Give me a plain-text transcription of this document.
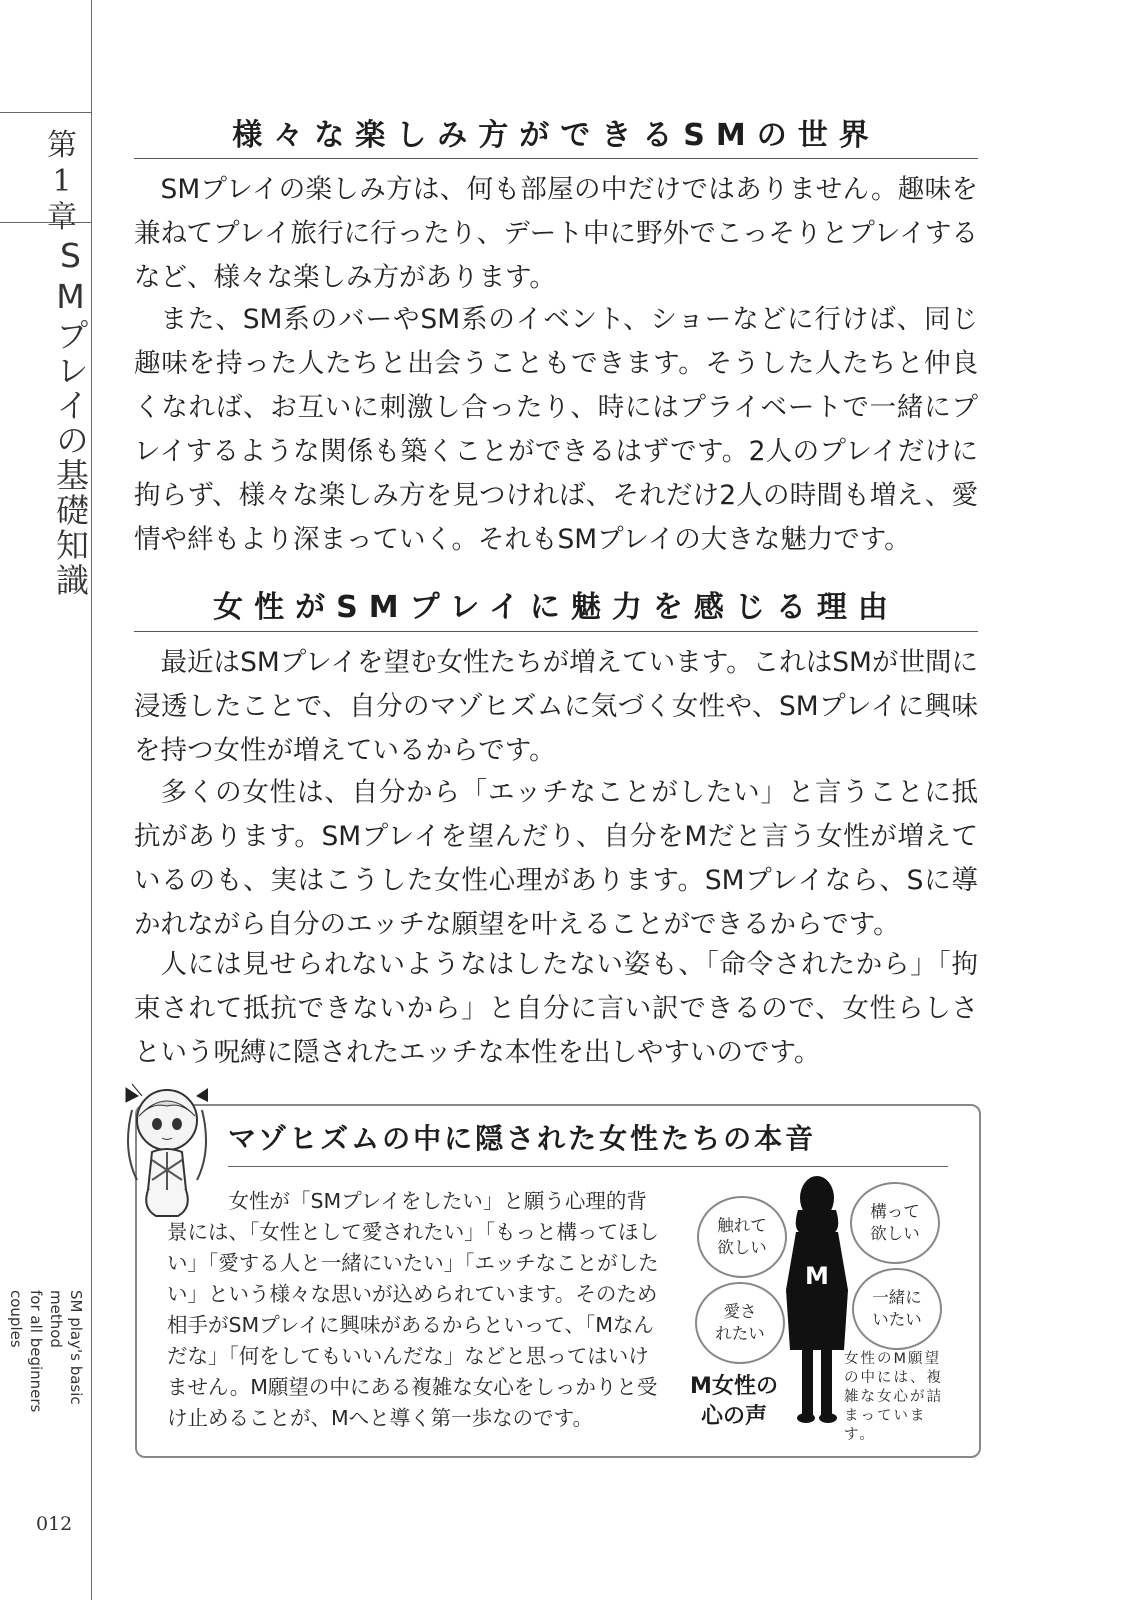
第
1
章
SMプレイの基礎知識
SM play's basic method
for all beginners couples
012
様々な楽しみ方ができるSMの世界

SMプレイの楽しみ方は、何も部屋の中だけではありません。趣味を兼ねてプレイ旅行に行ったり、デート中に野外でこっそりとプレイするなど、様々な楽しみ方があります。

また、SM系のバーやSM系のイベント、ショーなどに行けば、同じ趣味を持った人たちと出会うこともできます。そうした人たちと仲良くなれば、お互いに刺激し合ったり、時にはプライベートで一緒にプレイするような関係も築くことができるはずです。2人のプレイだけに拘らず、様々な楽しみ方を見つければ、それだけ2人の時間も増え、愛情や絆もより深まっていく。それもSMプレイの大きな魅力です。

女性がSMプレイに魅力を感じる理由

最近はSMプレイを望む女性たちが増えています。これはSMが世間に浸透したことで、自分のマゾヒズムに気づく女性や、SMプレイに興味を持つ女性が増えているからです。

多くの女性は、自分から「エッチなことがしたい」と言うことに抵抗があります。SMプレイを望んだり、自分をMだと言う女性が増えているのも、実はこうした女性心理があります。SMプレイなら、Sに導かれながら自分のエッチな願望を叶えることができるからです。

人には見せられないようなはしたない姿も、「命令されたから」「拘束されて抵抗できないから」と自分に言い訳できるので、女性らしさという呪縛に隠されたエッチな本性を出しやすいのです。

マゾヒズムの中に隠された女性たちの本音

女性が「SMプレイをしたい」と願う心理的背景には、「女性として愛されたい」「もっと構ってほしい」「愛する人と一緒にいたい」「エッチなことがしたい」という様々な思いが込められています。そのため相手がSMプレイに興味があるからといって、「Mなんだな」「何をしてもいいんだな」などと思ってはいけません。M願望の中にある複雑な女心をしっかりと受け止めることが、Mへと導く第一歩なのです。

触れて
欲しい
構って
欲しい
愛さ
れたい
一緒に
いたい
M
M女性の心の声
女性のM願望の中には、複雑な女心が詰まっています。
